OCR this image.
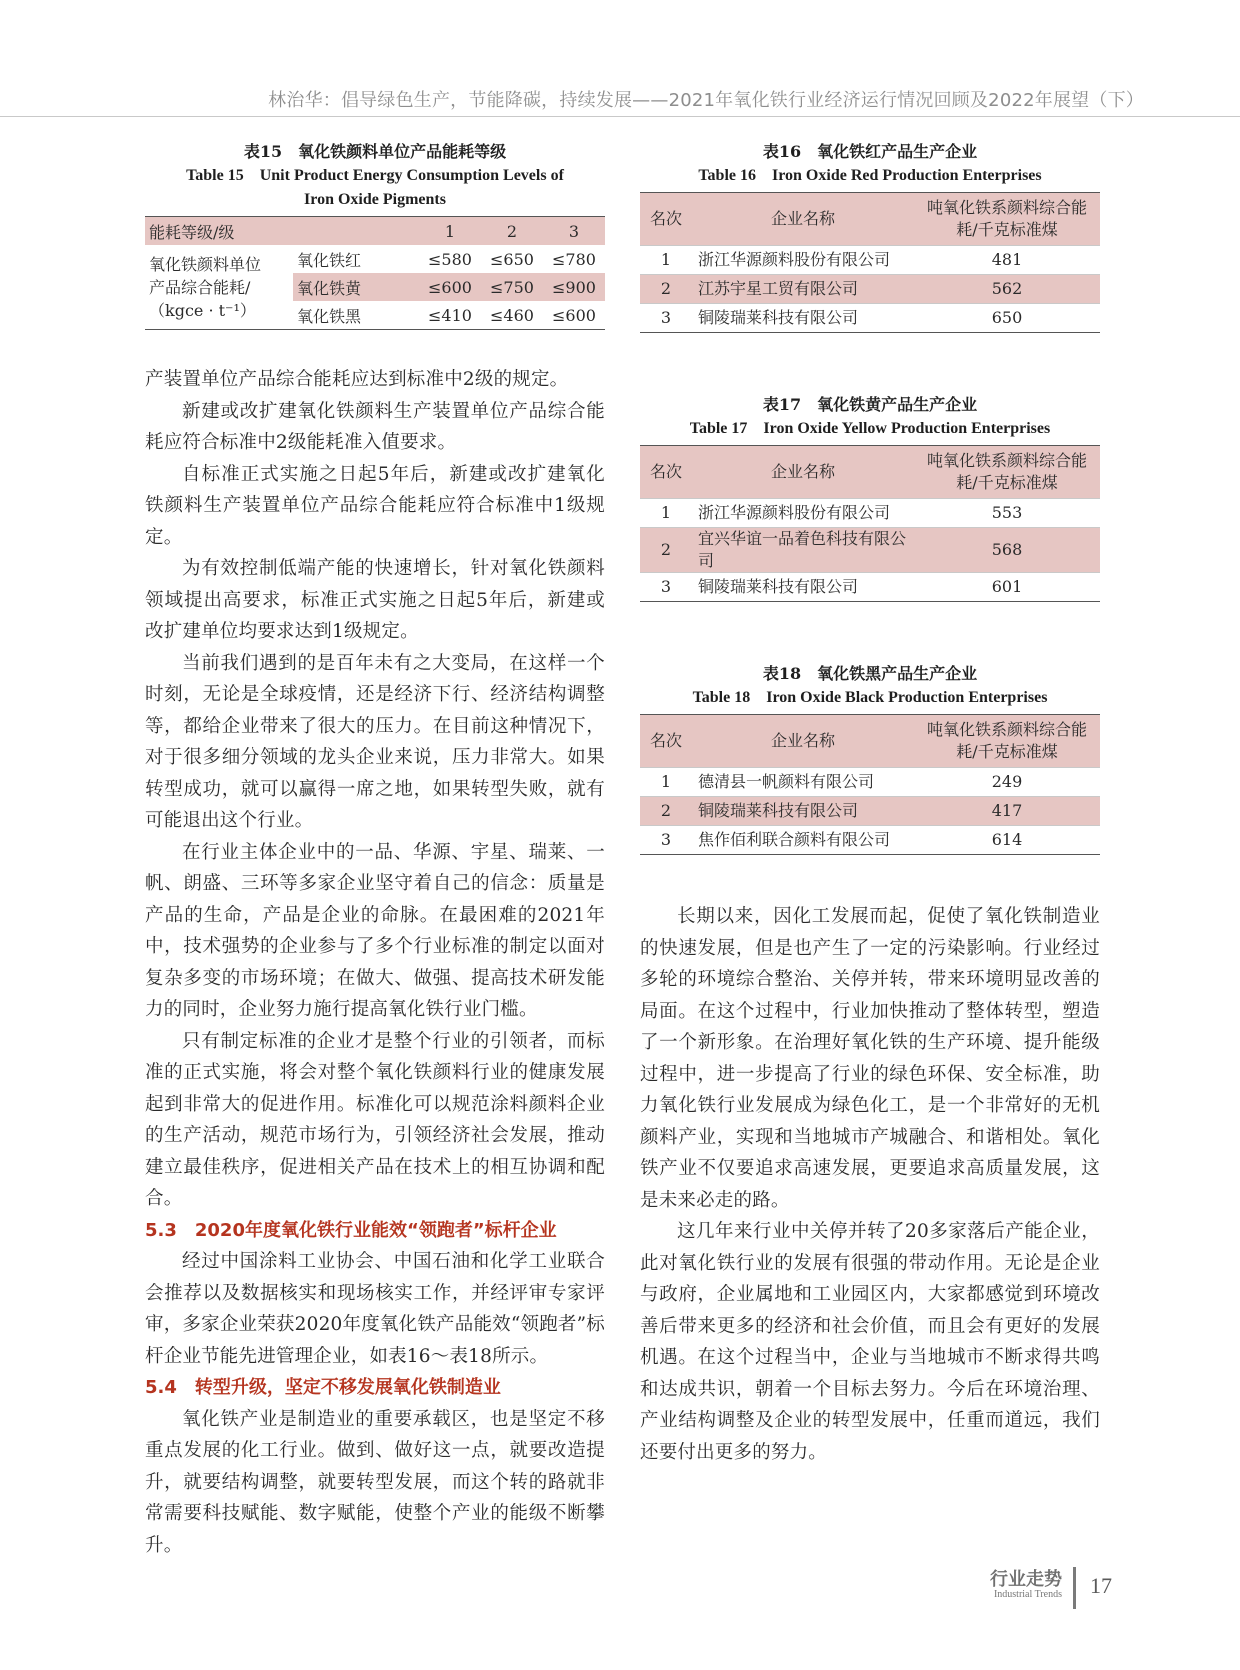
林治华：倡导绿色生产，节能降碳，持续发展——2021年氧化铁行业经济运行情况回顾及2022年展望（下）
表15　氧化铁颜料单位产品能耗等级
Table 15　Unit Product Energy Consumption Levels of
Iron Oxide Pigments
能耗等级/级		1	2	3

氧化铁颜料单位
产品综合能耗/
（kgce · t⁻¹）	氧化铁红	≤580	≤650	≤780
	氧化铁黄	≤600	≤750	≤900
	氧化铁黑	≤410	≤460	≤600

产装置单位产品综合能耗应达到标准中2级的规定。

新建或改扩建氧化铁颜料生产装置单位产品综合能耗应符合标准中2级能耗准入值要求。

自标准正式实施之日起5年后，新建或改扩建氧化铁颜料生产装置单位产品综合能耗应符合标准中1级规定。

为有效控制低端产能的快速增长，针对氧化铁颜料领域提出高要求，标准正式实施之日起5年后，新建或改扩建单位均要求达到1级规定。

当前我们遇到的是百年未有之大变局，在这样一个时刻，无论是全球疫情，还是经济下行、经济结构调整等，都给企业带来了很大的压力。在目前这种情况下，对于很多细分领域的龙头企业来说，压力非常大。如果转型成功，就可以赢得一席之地，如果转型失败，就有可能退出这个行业。

在行业主体企业中的一品、华源、宇星、瑞莱、一帆、朗盛、三环等多家企业坚守着自己的信念：质量是产品的生命，产品是企业的命脉。在最困难的2021年中，技术强势的企业参与了多个行业标准的制定以面对复杂多变的市场环境；在做大、做强、提高技术研发能力的同时，企业努力施行提高氧化铁行业门槛。

只有制定标准的企业才是整个行业的引领者，而标准的正式实施，将会对整个氧化铁颜料行业的健康发展起到非常大的促进作用。标准化可以规范涂料颜料企业的生产活动，规范市场行为，引领经济社会发展，推动建立最佳秩序，促进相关产品在技术上的相互协调和配合。

5.3　2020年度氧化铁行业能效“领跑者”标杆企业

经过中国涂料工业协会、中国石油和化学工业联合会推荐以及数据核实和现场核实工作，并经评审专家评审，多家企业荣获2020年度氧化铁产品能效“领跑者”标杆企业节能先进管理企业，如表16～表18所示。

5.4　转型升级，坚定不移发展氧化铁制造业

氧化铁产业是制造业的重要承载区，也是坚定不移重点发展的化工行业。做到、做好这一点，就要改造提升，就要结构调整，就要转型发展，而这个转的路就非常需要科技赋能、数字赋能，使整个产业的能级不断攀升。

表16　氧化铁红产品生产企业
Table 16　Iron Oxide Red Production Enterprises
名次	企业名称	吨氧化铁系颜料综合能耗/千克标准煤
1	浙江华源颜料股份有限公司	481
2	江苏宇星工贸有限公司	562
3	铜陵瑞莱科技有限公司	650
表17　氧化铁黄产品生产企业
Table 17　Iron Oxide Yellow Production Enterprises
名次	企业名称	吨氧化铁系颜料综合能耗/千克标准煤
1	浙江华源颜料股份有限公司	553
2	宜兴华谊一品着色科技有限公司	568
3	铜陵瑞莱科技有限公司	601
表18　氧化铁黑产品生产企业
Table 18　Iron Oxide Black Production Enterprises
名次	企业名称	吨氧化铁系颜料综合能耗/千克标准煤
1	德清县一帆颜料有限公司	249
2	铜陵瑞莱科技有限公司	417
3	焦作佰利联合颜料有限公司	614

长期以来，因化工发展而起，促使了氧化铁制造业的快速发展，但是也产生了一定的污染影响。行业经过多轮的环境综合整治、关停并转，带来环境明显改善的局面。在这个过程中，行业加快推动了整体转型，塑造了一个新形象。在治理好氧化铁的生产环境、提升能级过程中，进一步提高了行业的绿色环保、安全标准，助力氧化铁行业发展成为绿色化工，是一个非常好的无机颜料产业，实现和当地城市产城融合、和谐相处。氧化铁产业不仅要追求高速发展，更要追求高质量发展，这是未来必走的路。

这几年来行业中关停并转了20多家落后产能企业，此对氧化铁行业的发展有很强的带动作用。无论是企业与政府，企业属地和工业园区内，大家都感觉到环境改善后带来更多的经济和社会价值，而且会有更好的发展机遇。在这个过程当中，企业与当地城市不断求得共鸣和达成共识，朝着一个目标去努力。今后在环境治理、产业结构调整及企业的转型发展中，任重而道远，我们还要付出更多的努力。

行业走势
Industrial Trends 17
